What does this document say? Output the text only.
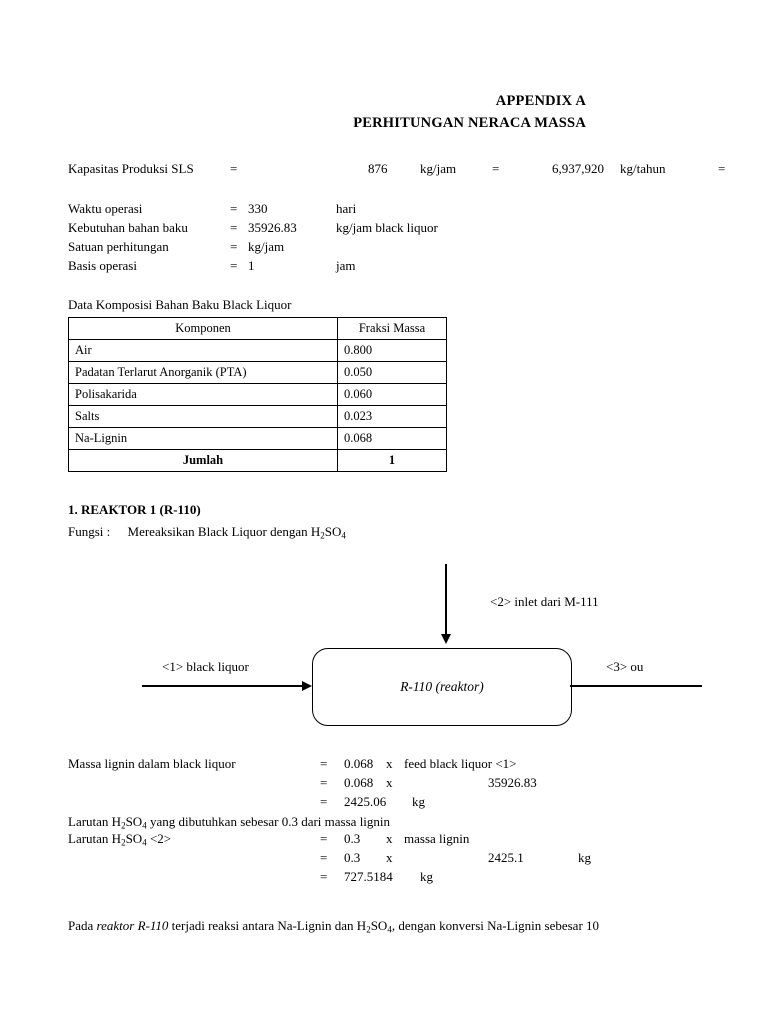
APPENDIX A
PERHITUNGAN NERACA MASSA
Kapasitas Produksi SLS	=	876	kg/jam	=	6,937,920 kg/tahun	=
Waktu operasi	= 330	hari
Kebutuhan bahan baku	= 35926.83	kg/jam black liquor
Satuan perhitungan	= kg/jam
Basis operasi	= 1	jam
Data Komposisi Bahan Baku Black Liquor
Komponen	Fraksi Massa
Air	0.800
Padatan Terlarut Anorganik (PTA)	0.050
Polisakarida	0.060
Salts	0.023
Na-Lignin	0.068
Jumlah	1
1. REAKTOR 1 (R-110)
Fungsi : Mereaksikan Black Liquor dengan $H_2SO_4$
<2> inlet dari M-111
<1> black liquor
R-110 (reaktor)
<3> ou
Massa lignin dalam black liquor	= 0.068 x feed black liquor <1>
= 0.068 x	35926.83
= 2425.06 kg
Larutan $H_2SO_4$ yang dibutuhkan sebesar 0.3 dari massa lignin
Larutan $H_2SO_4 <2>$	= 0.3 x massa lignin
= 0.3 x	2425.1	kg
= 727.5184 kg
Pada reaktor R-110 terjadi reaksi antara Na-Lignin dan $H_2SO_4$, dengan konversi Na-Lignin sebesar 10
